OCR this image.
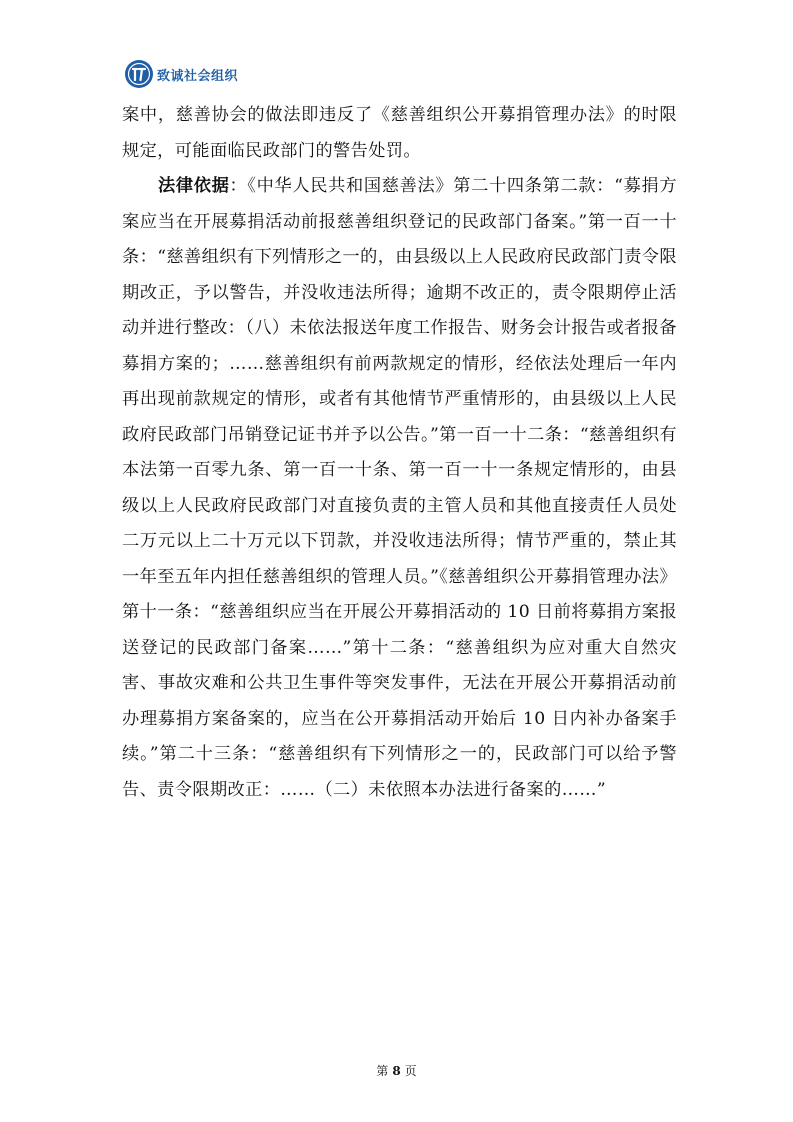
致诚社会组织

案中，慈善协会的做法即违反了《慈善组织公开募捐管理办法》的时限规定，可能面临民政部门的警告处罚。

法律依据：《中华人民共和国慈善法》第二十四条第二款：“募捐方案应当在开展募捐活动前报慈善组织登记的民政部门备案。”第一百一十条：“慈善组织有下列情形之一的，由县级以上人民政府民政部门责令限期改正，予以警告，并没收违法所得；逾期不改正的，责令限期停止活动并进行整改：（八）未依法报送年度工作报告、财务会计报告或者报备募捐方案的；……慈善组织有前两款规定的情形，经依法处理后一年内再出现前款规定的情形，或者有其他情节严重情形的，由县级以上人民政府民政部门吊销登记证书并予以公告。”第一百一十二条：“慈善组织有本法第一百零九条、第一百一十条、第一百一十一条规定情形的，由县级以上人民政府民政部门对直接负责的主管人员和其他直接责任人员处二万元以上二十万元以下罚款，并没收违法所得；情节严重的，禁止其一年至五年内担任慈善组织的管理人员。”《慈善组织公开募捐管理办法》第十一条：“慈善组织应当在开展公开募捐活动的 10 日前将募捐方案报送登记的民政部门备案……”第十二条：“慈善组织为应对重大自然灾害、事故灾难和公共卫生事件等突发事件，无法在开展公开募捐活动前办理募捐方案备案的，应当在公开募捐活动开始后 10 日内补办备案手续。”第二十三条：“慈善组织有下列情形之一的，民政部门可以给予警告、责令限期改正：……（二）未依照本办法进行备案的……”

第 8 页
